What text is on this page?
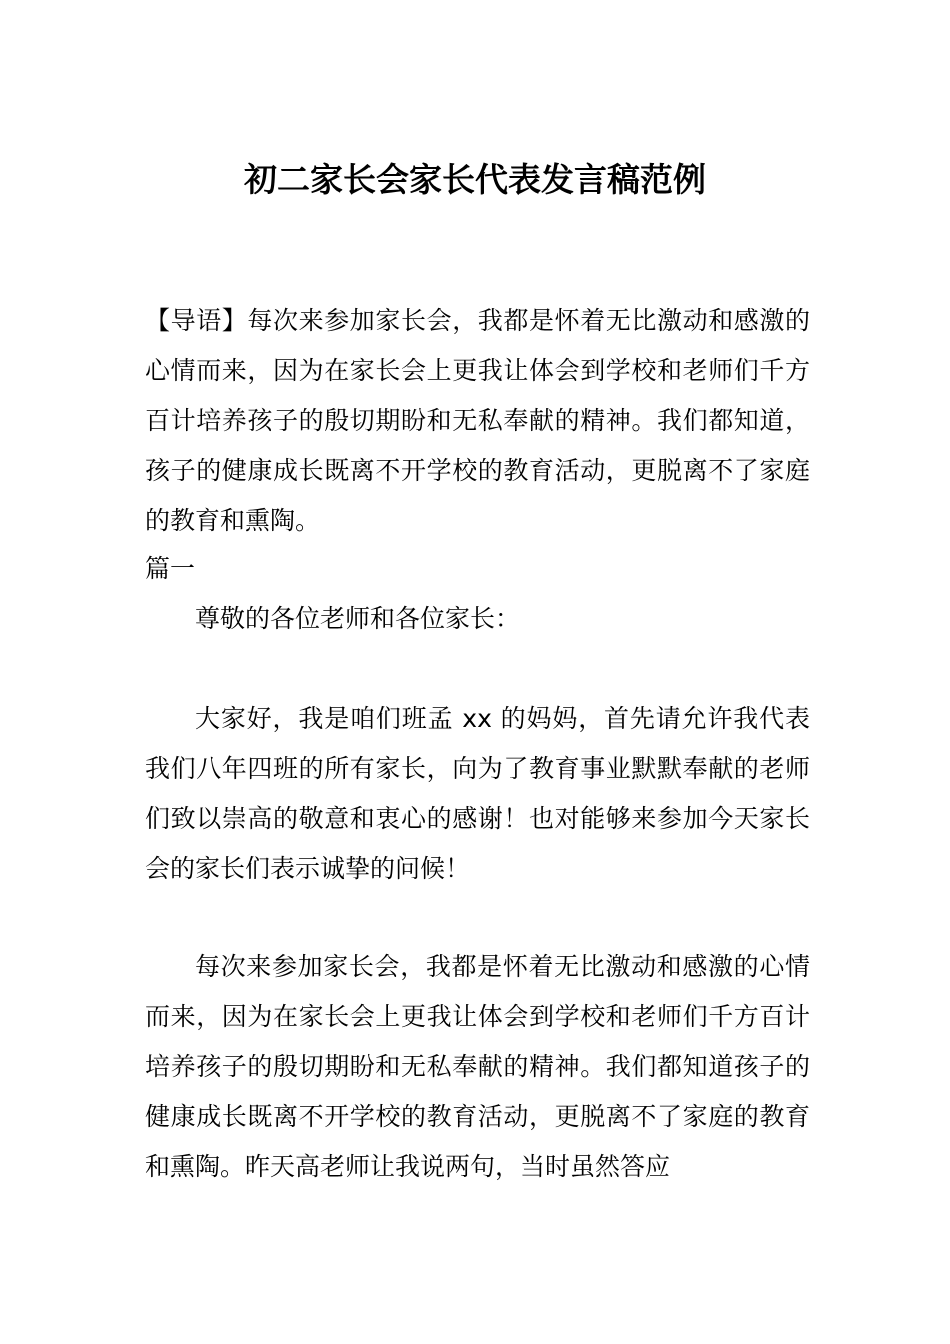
初二家长会家长代表发言稿范例

【导语】每次来参加家长会，我都是怀着无比激动和感激的心情而来，因为在家长会上更我让体会到学校和老师们千方百计培养孩子的殷切期盼和无私奉献的精神。我们都知道，孩子的健康成长既离不开学校的教育活动，更脱离不了家庭的教育和熏陶。

篇一

尊敬的各位老师和各位家长：

大家好，我是咱们班孟 xx 的妈妈，首先请允许我代表我们八年四班的所有家长，向为了教育事业默默奉献的老师们致以崇高的敬意和衷心的感谢！也对能够来参加今天家长会的家长们表示诚挚的问候！

每次来参加家长会，我都是怀着无比激动和感激的心情而来，因为在家长会上更我让体会到学校和老师们千方百计培养孩子的殷切期盼和无私奉献的精神。我们都知道孩子的健康成长既离不开学校的教育活动，更脱离不了家庭的教育和熏陶。昨天高老师让我说两句，当时虽然答应
